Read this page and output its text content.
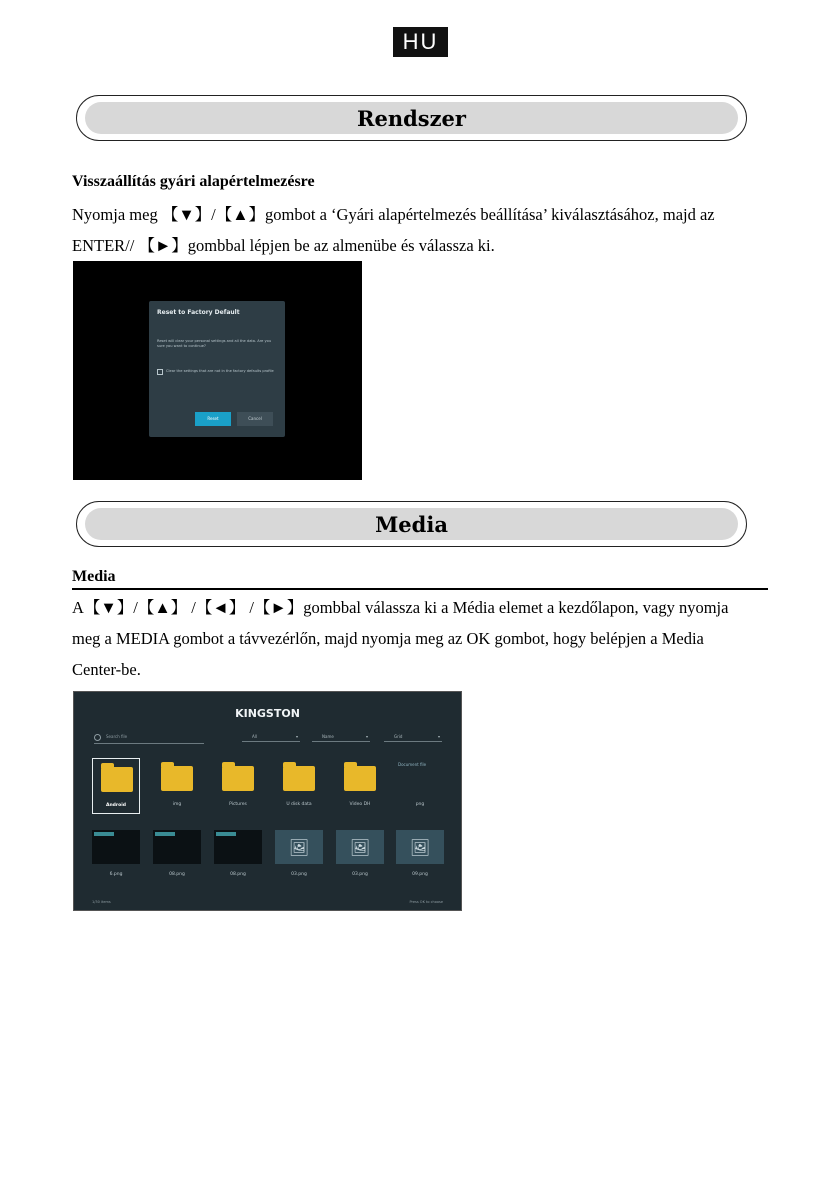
HU
Rendszer
Visszaállítás gyári alapértelmezésre
Nyomja meg 【▼】/【▲】gombot a ‘Gyári alapértelmezés beállítása’ kiválasztásához, majd az
ENTER// 【►】gombbal lépjen be az almenübe és válassza ki.
Reset to Factory Default
Reset will clear your personal settings and all the data. Are you sure you want to continue?
Clear the settings that are not in the factory defaults profile
Reset	Cancel
Media
Media
A【▼】/【▲】 /【◄】 /【►】gombbal válassza ki a Média elemet a kezdőlapon, vagy nyomja
meg a MEDIA gombot a távvezérlőn, majd nyomja meg az OK gombot, hogy belépjen a Media
Center-be.
KINGSTON
Search file	All	▾	Name	▾	Grid	▾
Android	img	Pictures	U disk data	Video DH
Document file
png
6.png	08.png	08.png
🖼
03.png
🖼
03.png
🖼
09.png
1/30 items	Press OK to choose
